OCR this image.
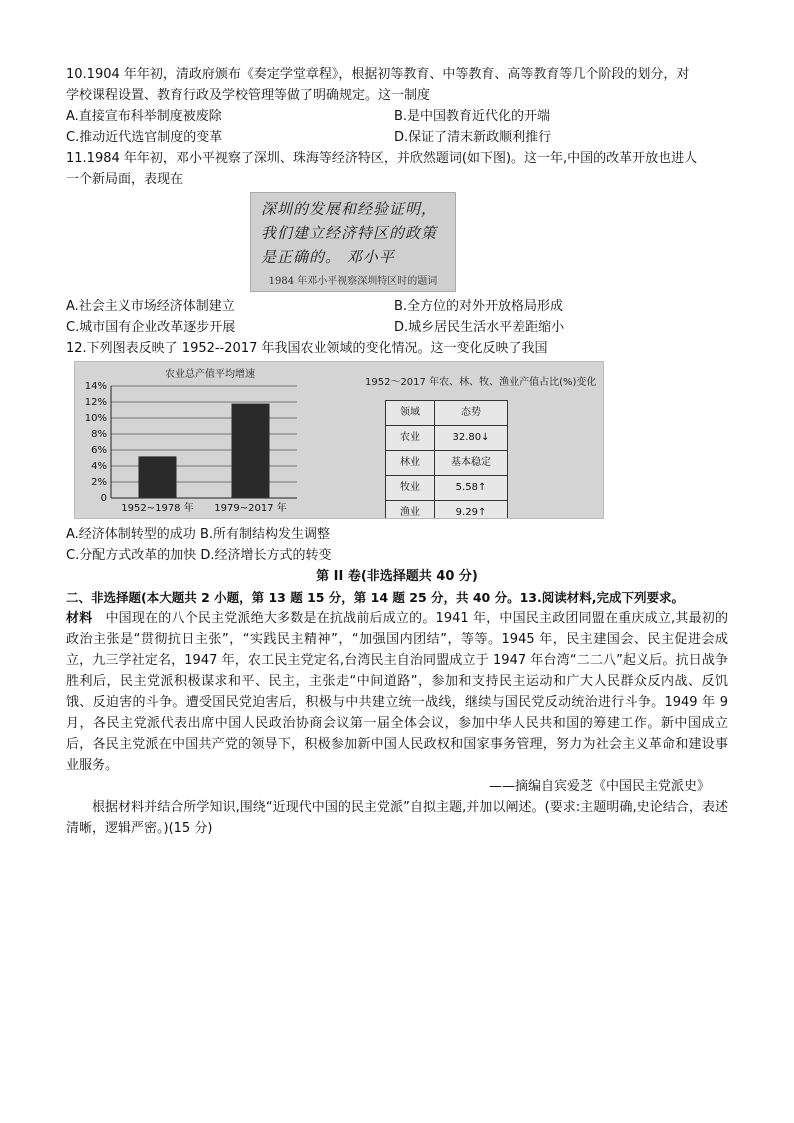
10.1904 年年初，清政府颁布《奏定学堂章程》，根据初等教育、中等教育、高等教育等几个阶段的划分，对
学校课程设置、教育行政及学校管理等做了明确规定。这一制度
A.直接宣布科举制度被废除	B.是中国教育近代化的开端
C.推动近代选官制度的变革	D.保证了清末新政顺利推行
11.1984 年年初，邓小平视察了深圳、珠海等经济特区，并欣然题词(如下图)。这一年,中国的改革开放也进人
一个新局面，表现在
深圳的发展和经验证明，
我们建立经济特区的政策
是正确的。 邓小平
1984 年邓小平视察深圳特区时的题词
A.社会主义市场经济体制建立	B.全方位的对外开放格局形成
C.城市国有企业改革逐步开展	D.城乡居民生活水平差距缩小
12.下列图表反映了 1952--2017 年我国农业领域的变化情况。这一变化反映了我国
农业总产值平均增速
0
2%
4%
6%
8%
10%
12%
14%
1952~1978 年 1979~2017 年
1952～2017 年农、林、牧、渔业产值占比(%)变化
领域	态势
农业	32.80↓
林业	基本稳定
牧业	5.58↑
渔业	9.29↑
A.经济体制转型的成功 B.所有制结构发生调整
C.分配方式改革的加快 D.经济增长方式的转变
第 II 卷(非选择题共 40 分)
二、非选择题(本大题共 2 小题，第 13 题 15 分，第 14 题 25 分，共 40 分。13.阅读材料,完成下列要求。
材料 中国现在的八个民主党派绝大多数是在抗战前后成立的。1941 年，中国民主政团同盟在重庆成立,其最初的政治主张是“贯彻抗日主张”，“实践民主精神”，“加强国内团结”，等等。1945 年，民主建国会、民主促进会成立，九三学社定名，1947 年，农工民主党定名,台湾民主自治同盟成立于 1947 年台湾“二二八”起义后。抗日战争胜利后，民主党派积极谋求和平、民主，主张走“中间道路”，参加和支持民主运动和广大人民群众反内战、反饥饿、反迫害的斗争。遭受国民党迫害后，积极与中共建立统一战线，继续与国民党反动统治进行斗争。1949 年 9 月，各民主党派代表出席中国人民政治协商会议第一届全体会议，参加中华人民共和国的筹建工作。新中国成立后，各民主党派在中国共产党的领导下，积极参加新中国人民政权和国家事务管理，努力为社会主义革命和建设事业服务。
——摘编自宾爱芝《中国民主党派史》
根据材料并结合所学知识,围绕“近现代中国的民主党派”自拟主题,并加以阐述。(要求:主题明确,史论结合，表述清晰，逻辑严密。)(15 分)
